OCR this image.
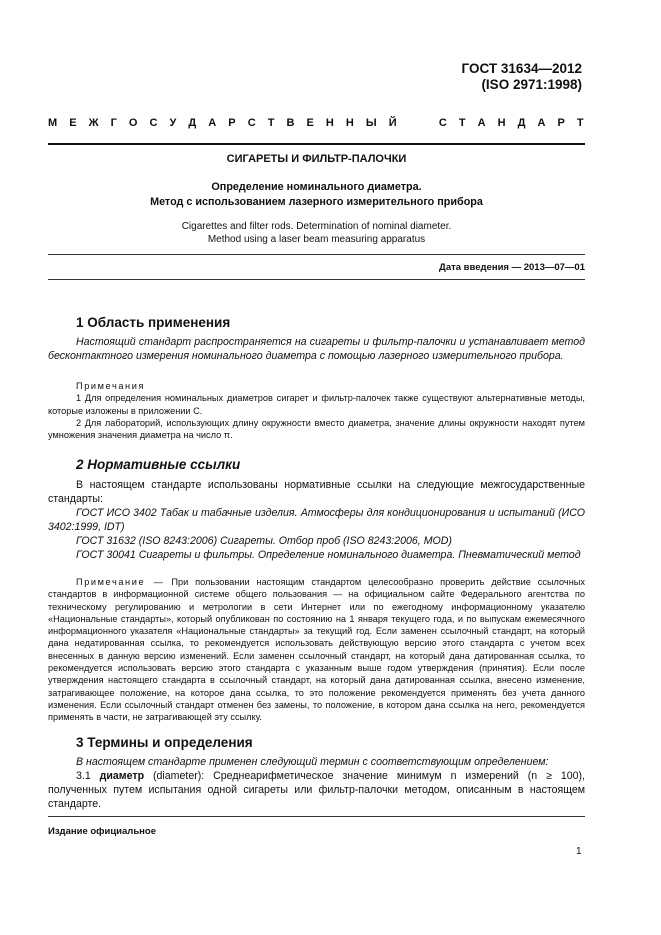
ГОСТ 31634—2012
(ISO 2971:1998)
М Е Ж Г О С У Д А Р С Т В Е Н Н Ы Й

	С Т А Н Д А Р Т
СИГАРЕТЫ И ФИЛЬТР-ПАЛОЧКИ
Определение номинального диаметра.
Метод с использованием лазерного измерительного прибора
Cigarettes and filter rods. Determination of nominal diameter.
Method using a laser beam measuring apparatus
Дата введения — 2013—07—01
1 Область применения

Настоящий стандарт распространяется на сигареты и фильтр-палочки и устанавливает метод бесконтактного измерения номинального диаметра с помощью лазерного измерительного прибора.

Примечания
1 Для определения номинальных диаметров сигарет и фильтр-палочек также существуют альтернативные методы, которые изложены в приложении С.
2 Для лабораторий, использующих длину окружности вместо диаметра, значение длины окружности находят путем умножения значения диаметра на число π.
2 Нормативные ссылки

В настоящем стандарте использованы нормативные ссылки на следующие межгосударственные стандарты:

ГОСТ ИСО 3402 Табак и табачные изделия. Атмосферы для кондиционирования и испытаний (ИСО 3402:1999, IDT)

ГОСТ 31632 (ISO 8243:2006) Сигареты. Отбор проб (ISO 8243:2006, MOD)

ГОСТ 30041 Сигареты и фильтры. Определение номинального диаметра. Пневматический метод

Примечание — При пользовании настоящим стандартом целесообразно проверить действие ссылочных стандартов в информационной системе общего пользования — на официальном сайте Федерального агентства по техническому регулированию и метрологии в сети Интернет или по ежегодному информационному указателю «Национальные стандарты», который опубликован по состоянию на 1 января текущего года, и по выпускам ежемесячного информационного указателя «Национальные стандарты» за текущий год. Если заменен ссылочный стандарт, на который дана недатированная ссылка, то рекомендуется использовать действующую версию этого стандарта с учетом всех внесенных в данную версию изменений. Если заменен ссылочный стандарт, на который дана датированная ссылка, то рекомендуется использовать версию этого стандарта с указанным выше годом утверждения (принятия). Если после утверждения настоящего стандарта в ссылочный стандарт, на который дана датированная ссылка, внесено изменение, затрагивающее положение, на которое дана ссылка, то это положение рекомендуется применять без учета данного изменения. Если ссылочный стандарт отменен без замены, то положение, в котором дана ссылка на него, рекомендуется применять в части, не затрагивающей эту ссылку.

3 Термины и определения

В настоящем стандарте применен следующий термин с соответствующим определением:

3.1 диаметр (diameter): Среднеарифметическое значение минимум n измерений (n ≥ 100), полученных путем испытания одной сигареты или фильтр-палочки методом, описанным в настоящем стандарте.

Издание официальное
1
